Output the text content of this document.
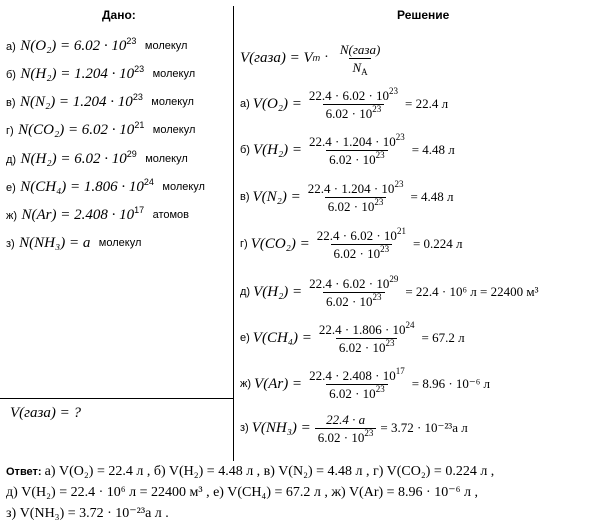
Дано:	Решение
а) $N(O_2) = 6.02 \cdot 10^{23}$ молекул
б) $N(H_2) = 1.204 \cdot 10^{23}$ молекул
в) $N(N_2) = 1.204 \cdot 10^{23}$ молекул
г) $N(CO_2) = 6.02 \cdot 10^{21}$ молекул
д) $N(H_2) = 6.02 \cdot 10^{29}$ молекул
е) $N(CH_4) = 1.806 \cdot 10^{24}$ молекул
ж) $N(Ar) = 2.408 \cdot 10^{17}$ атомов
з) N(NH₃) = a молекул
V(газа) = ?
V(газа) = V $m \cdot \frac{\text{N(газа)}}{N_A}$
а) $V(O_2) = \frac{22.4 \cdot 6.02 \cdot 10^{23}}{6.02 \cdot 10^{23}} = 22.4$ л
б) $V(H_2) = \frac{22.4 \cdot 1.204 \cdot 10^{23}}{6.02 \cdot 10^{23}} = 4.48$ л
в) $V(N_2) = \frac{22.4 \cdot 1.204 \cdot 10^{23}}{6.02 \cdot 10^{23}} = 4.48$ л
г) $V(CO_2) = \frac{22.4 \cdot 6.02 \cdot 10^{21}}{6.02 \cdot 10^{23}} = 0.224$ л
д) $V(H_2) = \frac{22.4 \cdot 6.02 \cdot 10^{29}}{6.02 \cdot 10^{23}} = 22.4 \cdot 10^6$ л = 22400 м³
е) $V(CH_4) = \frac{22.4 \cdot 1.806 \cdot 10^{24}}{6.02 \cdot 10^{23}} = 67.2$ л
ж) $V(Ar) = \frac{22.4 \cdot 2.408 \cdot 10^{17}}{6.02 \cdot 10^{23}} = 8.96 \cdot 10^{-6}$ л
з) $V(NH_3) = \frac{22.4 \cdot a}{6.02 \cdot 10^{23}} = 3.72 \cdot 10^{-23}a$ л
Ответ: а) V(O₂) = 22.4 л , б) V(H₂) = 4.48 л , в) V(N₂) = 4.48 л , г) V(CO₂) = 0.224 л ,
д) V(H₂) = 22.4 · 10⁶ л = 22400 м³ , е) V(CH₄) = 67.2 л , ж) V(Ar) = 8.96 · 10⁻⁶ л ,
з) V(NH₃) = 3.72 · 10⁻²³a л .
